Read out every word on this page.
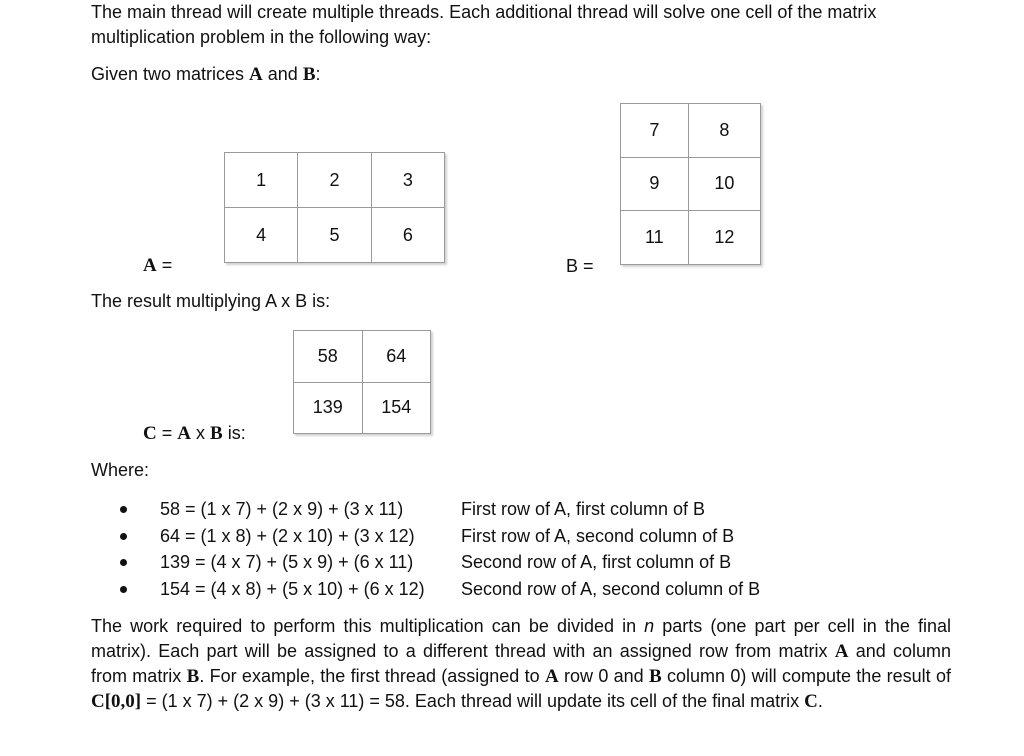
The main thread will create multiple threads. Each additional thread will solve one cell of the matrix
multiplication problem in the following way:
Given two matrices A and B:
1	2	3
4	5	6
A =
7	8
9	10
11	12
B =
The result multiplying A x B is:
58	64
139	154
C = A x B is:
Where:
58 = (1 x 7) + (2 x 9) + (3 x 11)	First row of A, first column of B
64 = (1 x 8) + (2 x 10) + (3 x 12)	First row of A, second column of B
139 = (4 x 7) + (5 x 9) + (6 x 11)	Second row of A, first column of B
154 = (4 x 8) + (5 x 10) + (6 x 12) Second row of A, second column of B
The work required to perform this multiplication can be divided in n parts (one part per cell in the final matrix). Each part will be assigned to a different thread with an assigned row from matrix A and column from matrix B. For example, the first thread (assigned to A row 0 and B column 0) will compute the result of C[0,0] = (1 x 7) + (2 x 9) + (3 x 11) = 58. Each thread will update its cell of the final matrix C.
